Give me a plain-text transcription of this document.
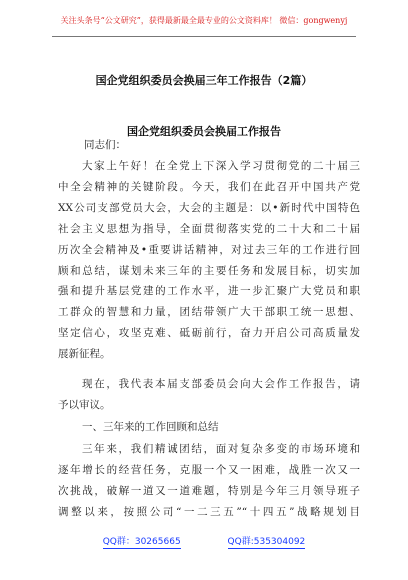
关注头条号“公文研究”，获得最新最全最专业的公文资料库！ 微信：gongwenyj
国企党组织委员会换届三年工作报告（2篇）
国企党组织委员会换届工作报告
同志们：
大家上午好！在全党上下深入学习贯彻党的二十届三
中全会精神的关键阶段。今天，我们在此召开中国共产党
XX公司支部党员大会，大会的主题是：以•新时代中国特色
社会主义思想为指导，全面贯彻落实党的二十大和二十届
历次全会精神及•重要讲话精神，对过去三年的工作进行回
顾和总结，谋划未来三年的主要任务和发展目标，切实加
强和提升基层党建的工作水平，进一步汇聚广大党员和职
工群众的智慧和力量，团结带领广大干部职工统一思想、
坚定信心，攻坚克难、砥砺前行，奋力开启公司高质量发
展新征程。
现在，我代表本届支部委员会向大会作工作报告，请
予以审议。
一、三年来的工作回顾和总结
三年来，我们精诚团结，面对复杂多变的市场环境和
逐年增长的经营任务，克服一个又一困难，战胜一次又一
次挑战，破解一道又一道难题，特别是今年三月领导班子
调整以来，按照公司“一二三五”“十四五”战略规划目
QQ群：30265665	QQ群:535304092
